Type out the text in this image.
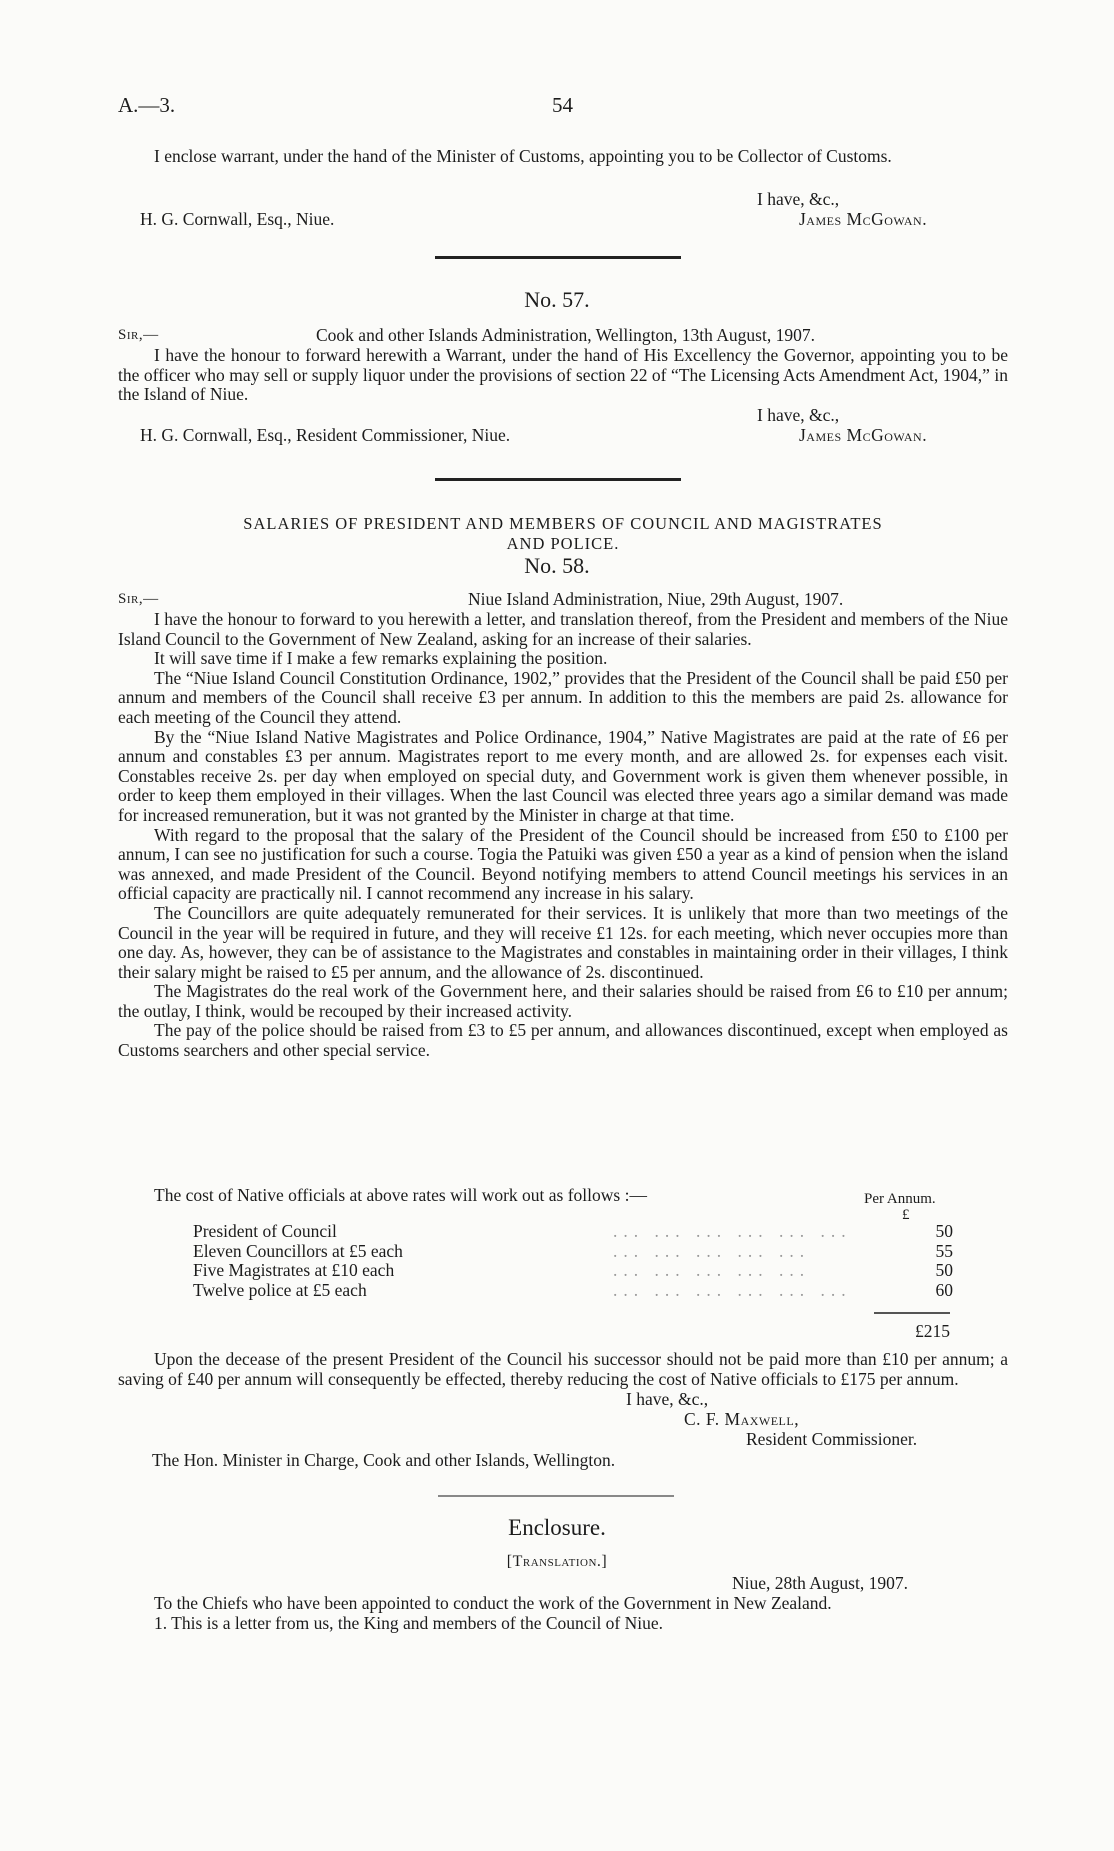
A.—3.	54

I enclose warrant, under the hand of the Minister of Customs, appointing you to be Collector of Customs.

I have, &c.,
H. G. Cornwall, Esq., Niue.	James McGowan.
No. 57.
Sir,—	Cook and other Islands Administration, Wellington, 13th August, 1907.

I have the honour to forward herewith a Warrant, under the hand of His Excellency the Governor, appointing you to be the officer who may sell or supply liquor under the provisions of section 22 of “The Licensing Acts Amendment Act, 1904,” in the Island of Niue.

I have, &c.,
H. G. Cornwall, Esq., Resident Commissioner, Niue.	James McGowan.
SALARIES OF PRESIDENT AND MEMBERS OF COUNCIL AND MAGISTRATES
AND POLICE.
No. 58.
Sir,—	Niue Island Administration, Niue, 29th August, 1907.

I have the honour to forward to you herewith a letter, and translation thereof, from the President and members of the Niue Island Council to the Government of New Zealand, asking for an increase of their salaries.

It will save time if I make a few remarks explaining the position.

The “Niue Island Council Constitution Ordinance, 1902,” provides that the President of the Council shall be paid £50 per annum and members of the Council shall receive £3 per annum. In addition to this the members are paid 2s. allowance for each meeting of the Council they attend.

By the “Niue Island Native Magistrates and Police Ordinance, 1904,” Native Magistrates are paid at the rate of £6 per annum and constables £3 per annum. Magistrates report to me every month, and are allowed 2s. for expenses each visit. Constables receive 2s. per day when employed on special duty, and Government work is given them whenever possible, in order to keep them employed in their villages. When the last Council was elected three years ago a similar demand was made for increased remuneration, but it was not granted by the Minister in charge at that time.

With regard to the proposal that the salary of the President of the Council should be increased from £50 to £100 per annum, I can see no justification for such a course. Togia the Patuiki was given £50 a year as a kind of pension when the island was annexed, and made President of the Council. Beyond notifying members to attend Council meetings his services in an official capacity are practically nil. I cannot recommend any increase in his salary.

The Councillors are quite adequately remunerated for their services. It is unlikely that more than two meetings of the Council in the year will be required in future, and they will receive £1 12s. for each meeting, which never occupies more than one day. As, however, they can be of assistance to the Magistrates and constables in maintaining order in their villages, I think their salary might be raised to £5 per annum, and the allowance of 2s. discontinued.

The Magistrates do the real work of the Government here, and their salaries should be raised from £6 to £10 per annum; the outlay, I think, would be recouped by their increased activity.

The pay of the police should be raised from £3 to £5 per annum, and allowances discontinued, except when employed as Customs searchers and other special service.

The cost of Native officials at above rates will work out as follows :—	Per Annum.
£
President of Council	... ... ... ... ... ...	50
Eleven Councillors at £5 each	... ... ... ... ...	55
Five Magistrates at £10 each	... ... ... ... ...	50
Twelve police at £5 each	... ... ... ... ... ...	60
£215

Upon the decease of the present President of the Council his successor should not be paid more than £10 per annum; a saving of £40 per annum will consequently be effected, thereby reducing the cost of Native officials to £175 per annum.

I have, &c.,
C. F. Maxwell,
Resident Commissioner.
The Hon. Minister in Charge, Cook and other Islands, Wellington.
Enclosure.
[Translation.]
Niue, 28th August, 1907.

To the Chiefs who have been appointed to conduct the work of the Government in New Zealand.

1. This is a letter from us, the King and members of the Council of Niue.
